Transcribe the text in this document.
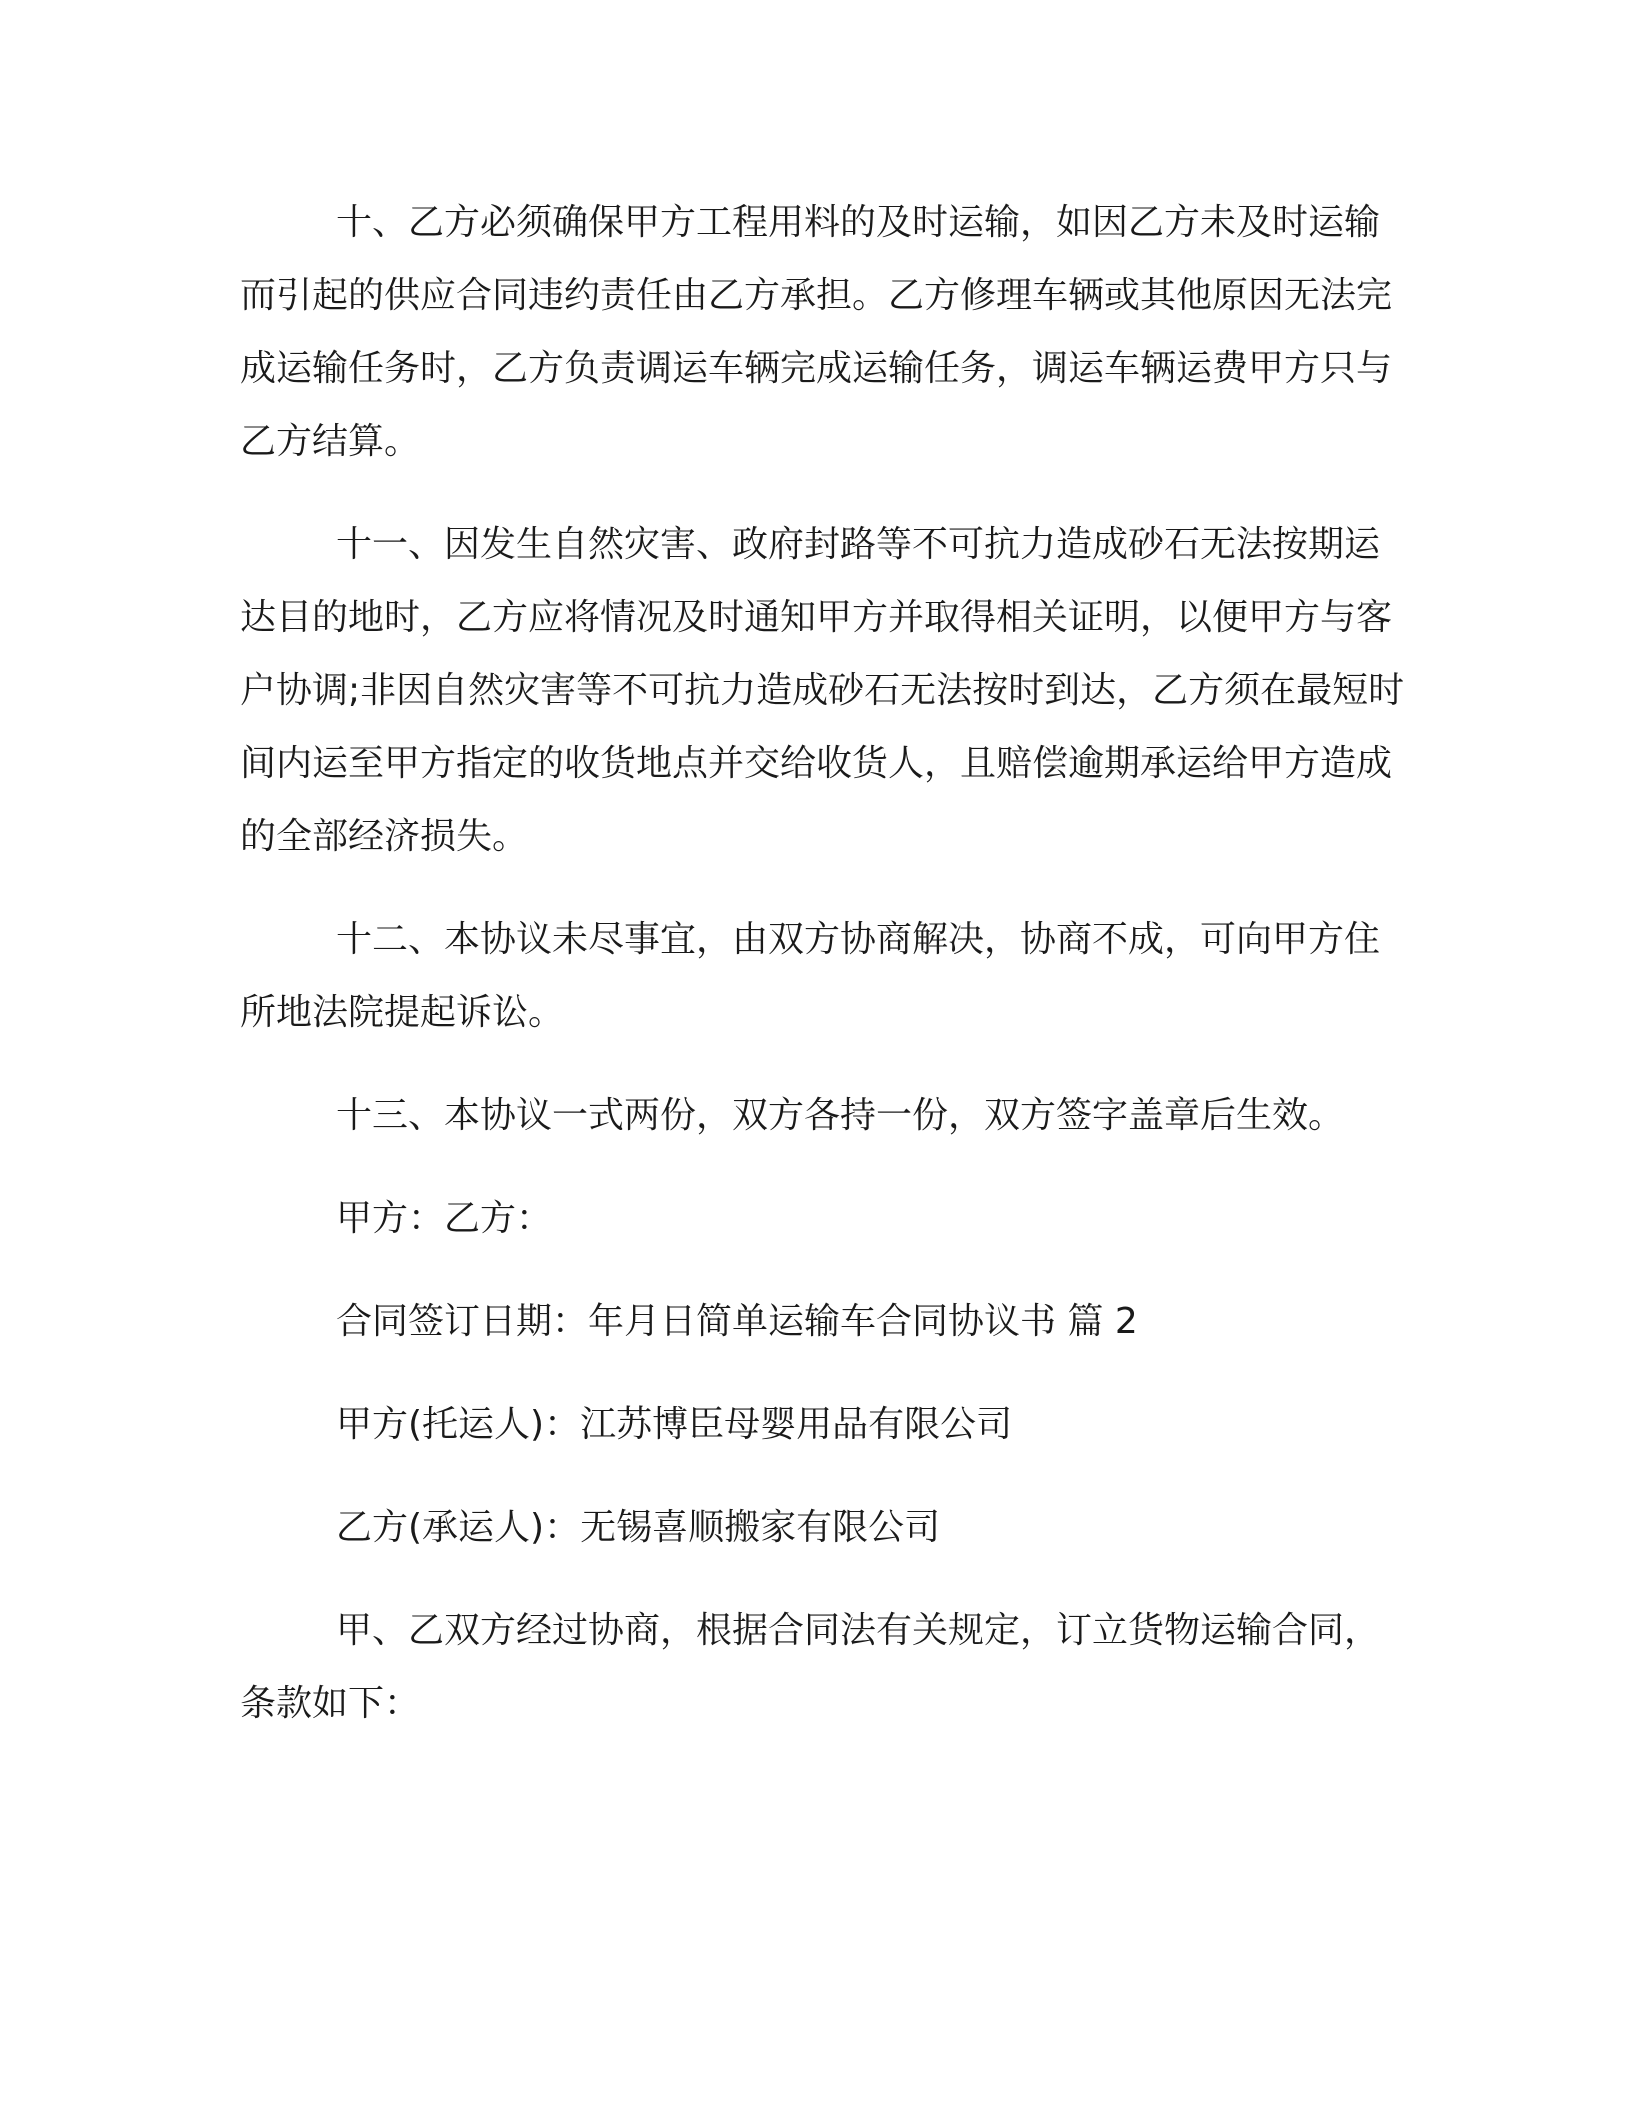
十、乙方必须确保甲方工程用料的及时运输，如因乙方未及时运输而引起的供应合同违约责任由乙方承担。乙方修理车辆或其他原因无法完成运输任务时，乙方负责调运车辆完成运输任务，调运车辆运费甲方只与乙方结算。

十一、因发生自然灾害、政府封路等不可抗力造成砂石无法按期运达目的地时，乙方应将情况及时通知甲方并取得相关证明，以便甲方与客户协调;非因自然灾害等不可抗力造成砂石无法按时到达，乙方须在最短时间内运至甲方指定的收货地点并交给收货人，且赔偿逾期承运给甲方造成的全部经济损失。

十二、本协议未尽事宜，由双方协商解决，协商不成，可向甲方住所地法院提起诉讼。

十三、本协议一式两份，双方各持一份，双方签字盖章后生效。

甲方：乙方：

合同签订日期：年月日简单运输车合同协议书 篇 2

甲方(托运人)：江苏博臣母婴用品有限公司

乙方(承运人)：无锡喜顺搬家有限公司

甲、乙双方经过协商，根据合同法有关规定，订立货物运输合同，条款如下：
